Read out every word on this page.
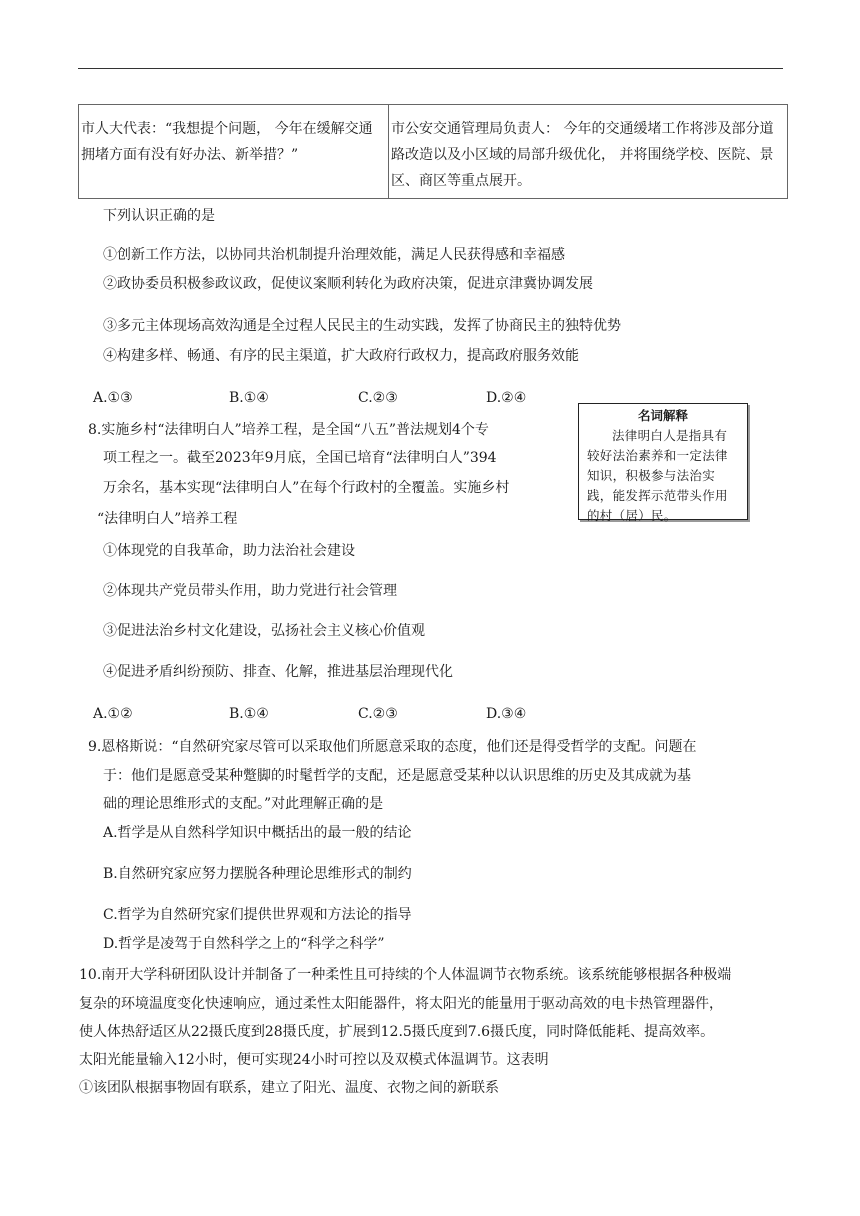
市人大代表：“我想提个问题， 今年在缓解交通拥堵方面有没有好办法、新举措？”	市公安交通管理局负责人： 今年的交通缓堵工作将涉及部分道路改造以及小区域的局部升级优化， 并将围绕学校、医院、景区、商区等重点展开。
下列认识正确的是
①创新工作方法，以协同共治机制提升治理效能，满足人民获得感和幸福感
②政协委员积极参政议政，促使议案顺利转化为政府决策，促进京津冀协调发展
③多元主体现场高效沟通是全过程人民民主的生动实践，发挥了协商民主的独特优势
④构建多样、畅通、有序的民主渠道，扩大政府行政权力，提高政府服务效能
A.①③	B.①④	C.②③	D.②④
8.实施乡村“法律明白人”培养工程，是全国“八五”普法规划4个专
项工程之一。截至2023年9月底，全国已培育“法律明白人”394
万余名，基本实现“法律明白人”在每个行政村的全覆盖。实施乡村
“法律明白人”培养工程
名词解释
法律明白人是指具有较好法治素养和一定法律知识，积极参与法治实践，能发挥示范带头作用的村（居）民。
①体现党的自我革命，助力法治社会建设
②体现共产党员带头作用，助力党进行社会管理
③促进法治乡村文化建设，弘扬社会主义核心价值观
④促进矛盾纠纷预防、排查、化解，推进基层治理现代化
A.①②	B.①④	C.②③	D.③④
9.恩格斯说：“自然研究家尽管可以采取他们所愿意采取的态度，他们还是得受哲学的支配。问题在
于：他们是愿意受某种蹩脚的时髦哲学的支配，还是愿意受某种以认识思维的历史及其成就为基
础的理论思维形式的支配。”对此理解正确的是
A.哲学是从自然科学知识中概括出的最一般的结论
B.自然研究家应努力摆脱各种理论思维形式的制约
C.哲学为自然研究家们提供世界观和方法论的指导
D.哲学是凌驾于自然科学之上的“科学之科学”
10.南开大学科研团队设计并制备了一种柔性且可持续的个人体温调节衣物系统。该系统能够根据各种极端
复杂的环境温度变化快速响应，通过柔性太阳能器件，将太阳光的能量用于驱动高效的电卡热管理器件，
使人体热舒适区从22摄氏度到28摄氏度，扩展到12.5摄氏度到7.6摄氏度，同时降低能耗、提高效率。
太阳光能量输入12小时，便可实现24小时可控以及双模式体温调节。这表明
①该团队根据事物固有联系，建立了阳光、温度、衣物之间的新联系
